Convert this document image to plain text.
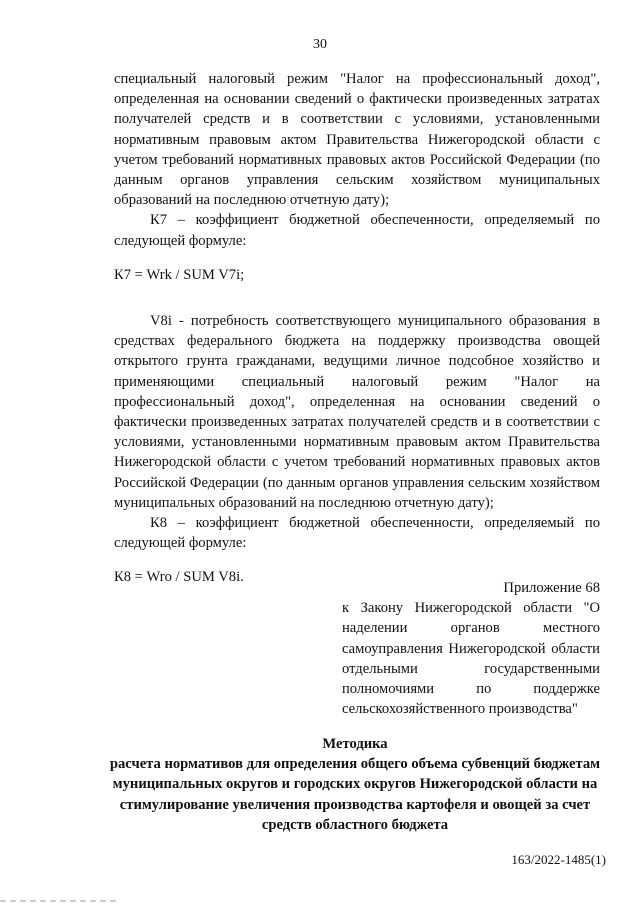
30

специальный налоговый режим "Налог на профессиональный доход", определенная на основании сведений о фактически произведенных затратах получателей средств и в соответствии с условиями, установленными нормативным правовым актом Правительства Нижегородской области с учетом требований нормативных правовых актов Российской Федерации (по данным органов управления сельским хозяйством муниципальных образований на последнюю отчетную дату);

К7 – коэффициент бюджетной обеспеченности, определяемый по следующей формуле:

К7 = Wrk / SUM V7i;

V8i - потребность соответствующего муниципального образования в средствах федерального бюджета на поддержку производства овощей открытого грунта гражданами, ведущими личное подсобное хозяйство и применяющими специальный налоговый режим "Налог на профессиональный доход", определенная на основании сведений о фактически произведенных затратах получателей средств и в соответствии с условиями, установленными нормативным правовым актом Правительства Нижегородской области с учетом требований нормативных правовых актов Российской Федерации (по данным органов управления сельским хозяйством муниципальных образований на последнюю отчетную дату);

К8 – коэффициент бюджетной обеспеченности, определяемый по следующей формуле:

К8 = Wro / SUM V8i.

Приложение 68
к Закону Нижегородской области "О наделении органов местного самоуправления Нижегородской области отдельными государственными полномочиями по поддержке сельскохозяйственного производства"
Методика
расчета нормативов для определения общего объема субвенций бюджетам муниципальных округов и городских округов Нижегородской области на стимулирование увеличения производства картофеля и овощей за счет средств областного бюджета
163/2022-1485(1)
